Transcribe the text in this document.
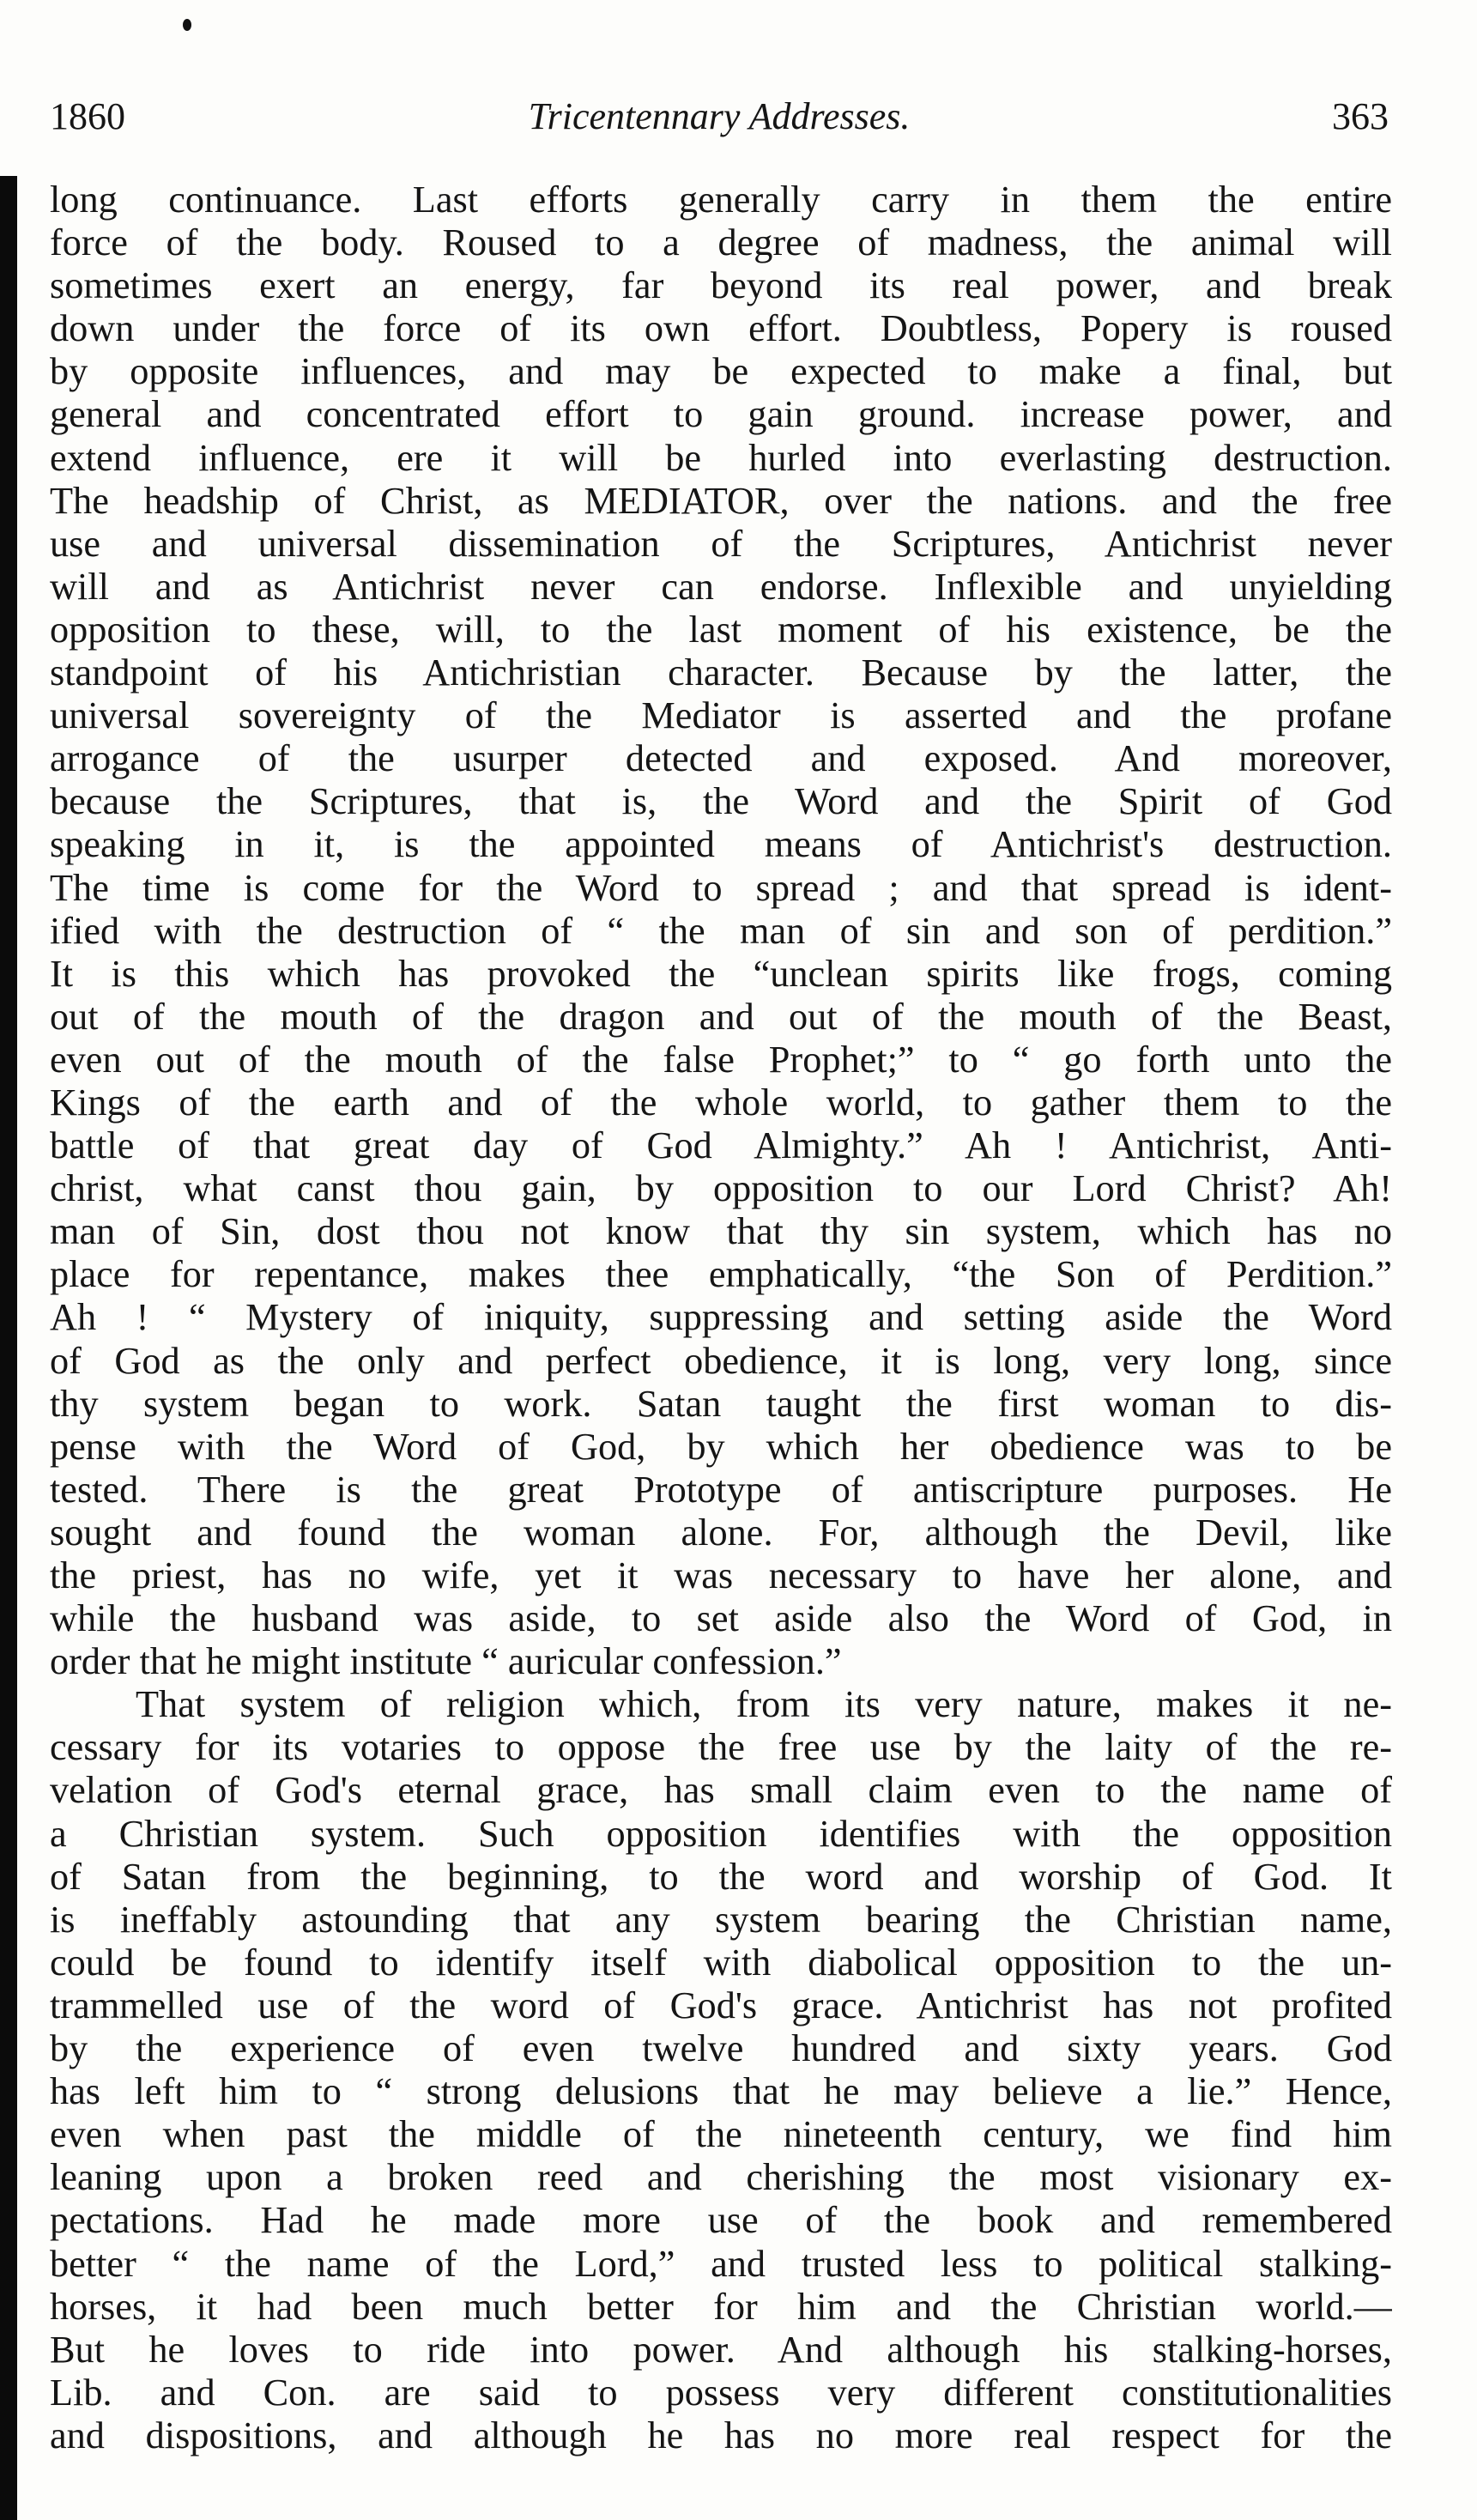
1860	Tricentennary Addresses.	363
long continuance. Last efforts generally carry in them the entire
force of the body. Roused to a degree of madness, the animal will
sometimes exert an energy, far beyond its real power, and break
down under the force of its own effort. Doubtless, Popery is roused
by opposite influences, and may be expected to make a final, but
general and concentrated effort to gain ground. increase power, and
extend influence, ere it will be hurled into everlasting destruction.
The headship of Christ, as MEDIATOR, over the nations. and the free
use and universal dissemination of the Scriptures, Antichrist never
will and as Antichrist never can endorse. Inflexible and unyielding
opposition to these, will, to the last moment of his existence, be the
standpoint of his Antichristian character. Because by the latter, the
universal sovereignty of the Mediator is asserted and the profane
arrogance of the usurper detected and exposed. And moreover,
because the Scriptures, that is, the Word and the Spirit of God
speaking in it, is the appointed means of Antichrist's destruction.
The time is come for the Word to spread ; and that spread is ident-
ified with the destruction of “ the man of sin and son of perdition.”
It is this which has provoked the “unclean spirits like frogs, coming
out of the mouth of the dragon and out of the mouth of the Beast,
even out of the mouth of the false Prophet;” to “ go forth unto the
Kings of the earth and of the whole world, to gather them to the
battle of that great day of God Almighty.” Ah ! Antichrist, Anti-
christ, what canst thou gain, by opposition to our Lord Christ? Ah!
man of Sin, dost thou not know that thy sin system, which has no
place for repentance, makes thee emphatically, “the Son of Perdition.”
Ah ! “ Mystery of iniquity, suppressing and setting aside the Word
of God as the only and perfect obedience, it is long, very long, since
thy system began to work. Satan taught the first woman to dis-
pense with the Word of God, by which her obedience was to be
tested. There is the great Prototype of antiscripture purposes. He
sought and found the woman alone. For, although the Devil, like
the priest, has no wife, yet it was necessary to have her alone, and
while the husband was aside, to set aside also the Word of God, in
order that he might institute “ auricular confession.”
That system of religion which, from its very nature, makes it ne-
cessary for its votaries to oppose the free use by the laity of the re-
velation of God's eternal grace, has small claim even to the name of
a Christian system. Such opposition identifies with the opposition
of Satan from the beginning, to the word and worship of God. It
is ineffably astounding that any system bearing the Christian name,
could be found to identify itself with diabolical opposition to the un-
trammelled use of the word of God's grace. Antichrist has not profited
by the experience of even twelve hundred and sixty years. God
has left him to “ strong delusions that he may believe a lie.” Hence,
even when past the middle of the nineteenth century, we find him
leaning upon a broken reed and cherishing the most visionary ex-
pectations. Had he made more use of the book and remembered
better “ the name of the Lord,” and trusted less to political stalking-
horses, it had been much better for him and the Christian world.—
But he loves to ride into power. And although his stalking-horses,
Lib. and Con. are said to possess very different constitutionalities
and dispositions, and although he has no more real respect for the
